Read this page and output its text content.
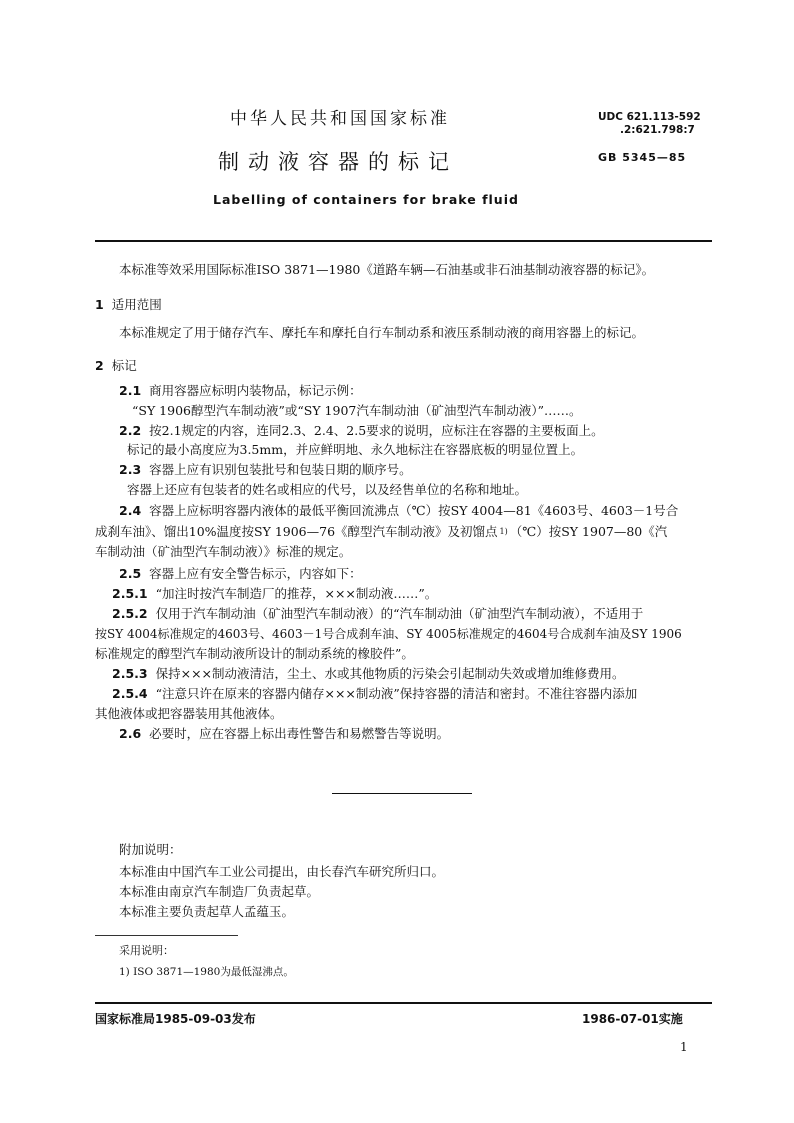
中华人民共和国国家标准
制动液容器的标记
Labelling of containers for brake fluid
UDC 621.113-592
.2:621.798:7
GB 5345—85
本标准等效采用国际标准ISO 3871—1980《道路车辆—石油基或非石油基制动液容器的标记》。
1 适用范围
本标准规定了用于储存汽车、摩托车和摩托自行车制动系和液压系制动液的商用容器上的标记。
2 标记
2.1 商用容器应标明内装物品，标记示例：
“SY 1906醇型汽车制动液”或“SY 1907汽车制动油（矿油型汽车制动液）”……。
2.2 按2.1规定的内容，连同2.3、2.4、2.5要求的说明，应标注在容器的主要板面上。
标记的最小高度应为3.5mm，并应鲜明地、永久地标注在容器底板的明显位置上。
2.3 容器上应有识别包装批号和包装日期的顺序号。
容器上还应有包装者的姓名或相应的代号，以及经售单位的名称和地址。
2.4 容器上应标明容器内液体的最低平衡回流沸点（℃）按SY 4004—81《4603号、4603－1号合
成刹车油》、馏出10%温度按SY 1906—76《醇型汽车制动液》及初馏点 $^{1)}$ （℃）按SY 1907—80《汽
车制动油（矿油型汽车制动液）》标准的规定。
2.5 容器上应有安全警告标示，内容如下：
2.5.1 “加注时按汽车制造厂的推荐，×××制动液……”。
2.5.2 仅用于汽车制动油（矿油型汽车制动液）的“汽车制动油（矿油型汽车制动液），不适用于
按SY 4004标准规定的4603号、4603－1号合成刹车油、SY 4005标准规定的4604号合成刹车油及SY 1906
标准规定的醇型汽车制动液所设计的制动系统的橡胶件”。
2.5.3 保持×××制动液清洁，尘土、水或其他物质的污染会引起制动失效或增加维修费用。
2.5.4 “注意只许在原来的容器内储存×××制动液”保持容器的清洁和密封。不准往容器内添加
其他液体或把容器装用其他液体。
2.6 必要时，应在容器上标出毒性警告和易燃警告等说明。
附加说明：
本标准由中国汽车工业公司提出，由长春汽车研究所归口。
本标准由南京汽车制造厂负责起草。
本标准主要负责起草人孟蕴玉。
采用说明：
1) ISO 3871—1980为最低湿沸点。
国家标准局1985-09-03发布	1986-07-01实施
1
